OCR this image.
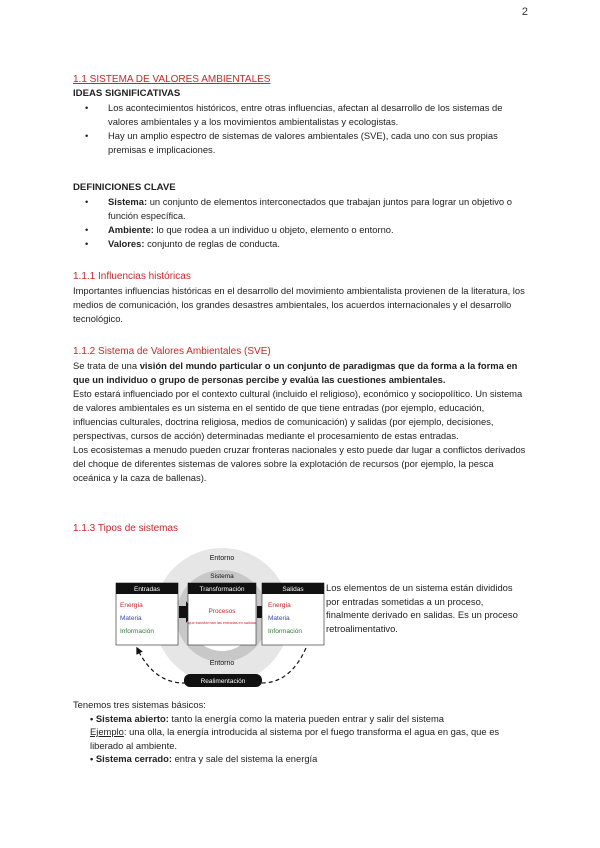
2
1.1 SISTEMA DE VALORES AMBIENTALES
IDEAS SIGNIFICATIVAS
• Los acontecimientos históricos, entre otras influencias, afectan al desarrollo de los sistemas de valores ambientales y a los movimientos ambientalistas y ecologistas.
• Hay un amplio espectro de sistemas de valores ambientales (SVE), cada uno con sus propias premisas e implicaciones.
DEFINICIONES CLAVE
• Sistema: un conjunto de elementos interconectados que trabajan juntos para lograr un objetivo o función específica.
• Ambiente: lo que rodea a un individuo u objeto, elemento o entorno.
• Valores: conjunto de reglas de conducta.
1.1.1 Influencias históricas
Importantes influencias históricas en el desarrollo del movimiento ambientalista provienen de la literatura, los medios de comunicación, los grandes desastres ambientales, los acuerdos internacionales y el desarrollo tecnológico.
1.1.2 Sistema de Valores Ambientales (SVE)
Se trata de una visión del mundo particular o un conjunto de paradigmas que da forma a la forma en que un individuo o grupo de personas percibe y evalúa las cuestiones ambientales.
Esto estará influenciado por el contexto cultural (incluido el religioso), económico y sociopolítico. Un sistema de valores ambientales es un sistema en el sentido de que tiene entradas (por ejemplo, educación, influencias culturales, doctrina religiosa, medios de comunicación) y salidas (por ejemplo, decisiones, perspectivas, cursos de acción) determinadas mediante el procesamiento de estas entradas.
Los ecosistemas a menudo pueden cruzar fronteras nacionales y esto puede dar lugar a conflictos derivados del choque de diferentes sistemas de valores sobre la explotación de recursos (por ejemplo, la pesca oceánica y la caza de ballenas).
1.1.3 Tipos de sistemas
Entorno
Sistema
Entradas
Energía
Materia
Información
Transformación
Procesos
que transforman las entradas en salidas
Salidas
Energía
Materia
Información
Entorno
Realimentación
Los elementos de un sistema están divididos por entradas sometidas a un proceso, finalmente derivado en salidas. Es un proceso retroalimentativo.
Tenemos tres sistemas básicos:
• Sistema abierto: tanto la energía como la materia pueden entrar y salir del sistema
Ejemplo: una olla, la energía introducida al sistema por el fuego transforma el agua en gas, que es liberado al ambiente.
• Sistema cerrado: entra y sale del sistema la energía
